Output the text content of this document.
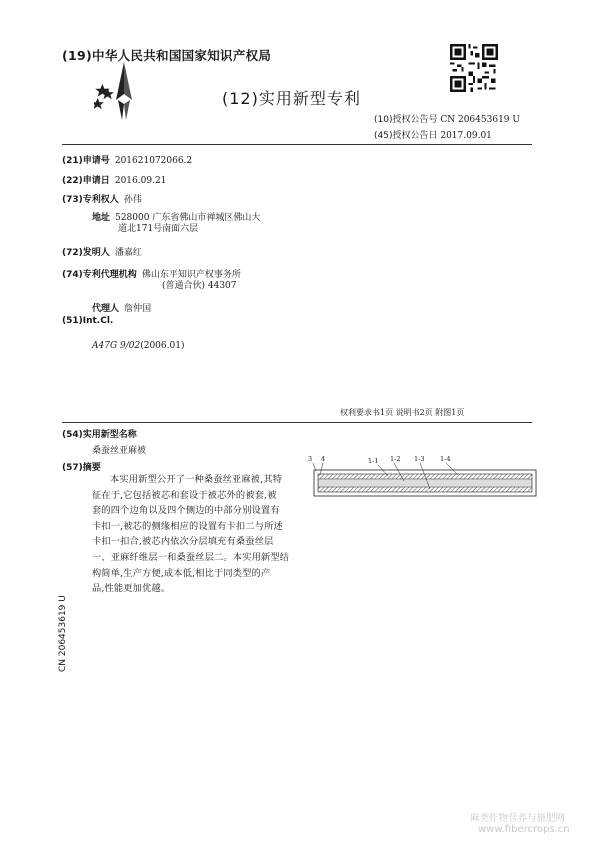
(19)中华人民共和国国家知识产权局
(12)实用新型专利
(10)授权公告号 CN 206453619 U
(45)授权公告日 2017.09.01
(21)申请号 201621072066.2
(22)申请日 2016.09.21
(73)专利权人 孙伟
地址 528000 广东省佛山市禅城区佛山大
道北171号南面六层
(72)发明人 潘嘉红
(74)专利代理机构 佛山东平知识产权事务所
(普通合伙) 44307
代理人 詹仲国
(51)Int.Cl.
A47G 9/02(2006.01)
权利要求书1页 说明书2页 附图1页
(54)实用新型名称
桑蚕丝亚麻被
(57)摘要
本实用新型公开了一种桑蚕丝亚麻被,其特
征在于,它包括被芯和套设于被芯外的被套,被
套的四个边角以及四个侧边的中部分别设置有
卡扣一,被芯的侧缘相应的设置有卡扣二与所述
卡扣一扣合,被芯内依次分层填充有桑蚕丝层
一、亚麻纤维层一和桑蚕丝层二。本实用新型结
构简单,生产方便,成本低,相比于同类型的产
品,性能更加优越。
3 4	1-1 1-2 1-3 1-4
CN 206453619 U
麻类作物营养与施肥网
www.fibercrops.cn
